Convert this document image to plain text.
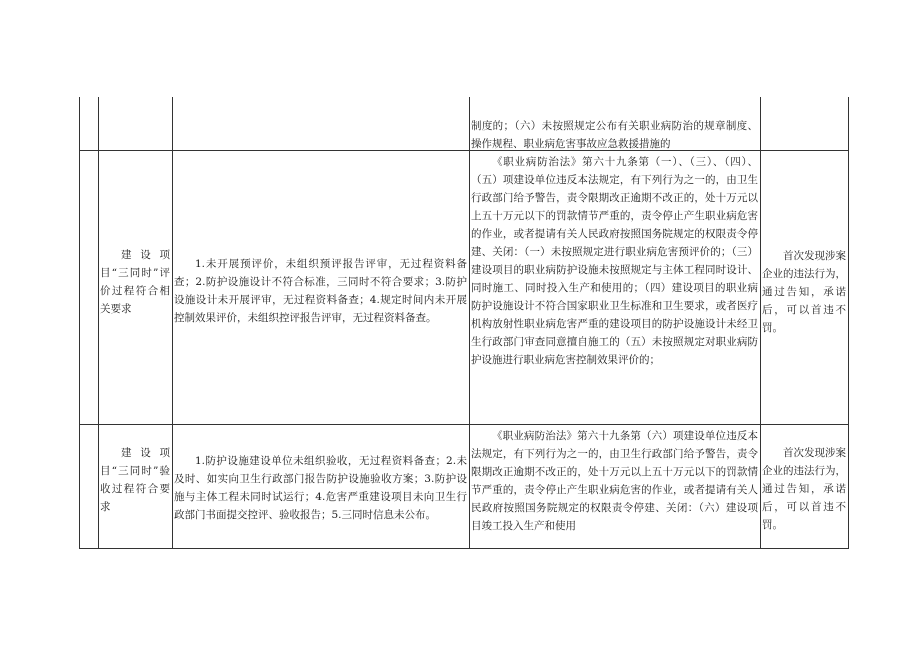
制度的；（六）未按照规定公布有关职业病防治的规章制度、操作规程、职业病危害事故应急救援措施的
建设项目“三同时”评价过程符合相关要求
1.未开展预评价，未组织预评报告评审，无过程资料备查；2.防护设施设计不符合标准，三同时不符合要求；3.防护设施设计未开展评审，无过程资料备查；4.规定时间内未开展控制效果评价，未组织控评报告评审，无过程资料备查。
《职业病防治法》第六十九条第（一）、（三）、（四）、（五）项建设单位违反本法规定，有下列行为之一的，由卫生行政部门给予警告，责令限期改正逾期不改正的，处十万元以上五十万元以下的罚款情节严重的，责令停止产生职业病危害的作业，或者提请有关人民政府按照国务院规定的权限责令停建、关闭：（一）未按照规定进行职业病危害预评价的；（三）建设项目的职业病防护设施未按照规定与主体工程同时设计、同时施工、同时投入生产和使用的；（四）建设项目的职业病防护设施设计不符合国家职业卫生标准和卫生要求，或者医疗机构放射性职业病危害严重的建设项目的防护设施设计未经卫生行政部门审查同意擅自施工的（五）未按照规定对职业病防护设施进行职业病危害控制效果评价的；
首次发现涉案企业的违法行为，通过告知，承诺后，可以首违不罚。
建设项目“三同时”验收过程符合要求
1.防护设施建设单位未组织验收，无过程资料备查；2.未及时、如实向卫生行政部门报告防护设施验收方案；3.防护设施与主体工程未同时试运行；4.危害严重建设项目未向卫生行政部门书面提交控评、验收报告；5.三同时信息未公布。
《职业病防治法》第六十九条第（六）项建设单位违反本法规定，有下列行为之一的，由卫生行政部门给予警告，责令限期改正逾期不改正的，处十万元以上五十万元以下的罚款情节严重的，责令停止产生职业病危害的作业，或者提请有关人民政府按照国务院规定的权限责令停建、关闭：（六）建设项目竣工投入生产和使用
首次发现涉案企业的违法行为，通过告知，承诺后，可以首违不罚。
